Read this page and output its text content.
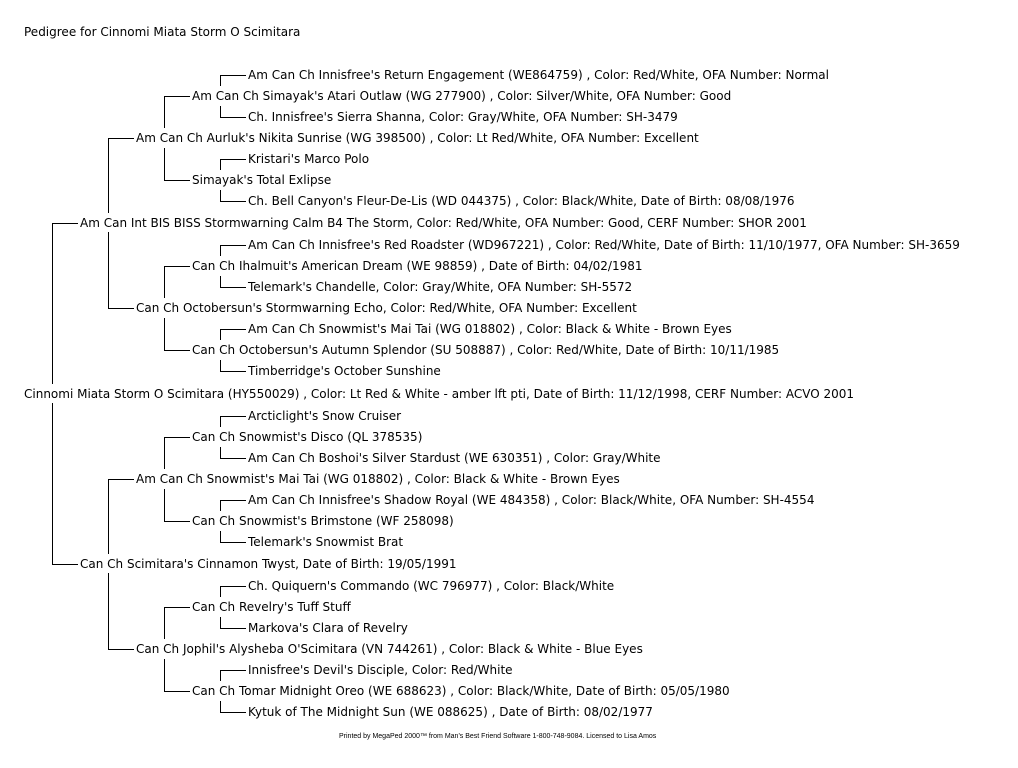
Pedigree for Cinnomi Miata Storm O Scimitara
Cinnomi Miata Storm O Scimitara (HY550029) , Color: Lt Red & White - amber lft pti, Date of Birth: 11/12/1998, CERF Number: ACVO 2001
Am Can Int BIS BISS Stormwarning Calm B4 The Storm, Color: Red/White, OFA Number: Good, CERF Number: SHOR 2001
Can Ch Scimitara's Cinnamon Twyst, Date of Birth: 19/05/1991
Am Can Ch Aurluk's Nikita Sunrise (WG 398500) , Color: Lt Red/White, OFA Number: Excellent
Can Ch Octobersun's Stormwarning Echo, Color: Red/White, OFA Number: Excellent
Am Can Ch Snowmist's Mai Tai (WG 018802) , Color: Black & White - Brown Eyes
Can Ch Jophil's Alysheba O'Scimitara (VN 744261) , Color: Black & White - Blue Eyes
Am Can Ch Simayak's Atari Outlaw (WG 277900) , Color: Silver/White, OFA Number: Good
Simayak's Total Exlipse
Can Ch Ihalmuit's American Dream (WE 98859) , Date of Birth: 04/02/1981
Can Ch Octobersun's Autumn Splendor (SU 508887) , Color: Red/White, Date of Birth: 10/11/1985
Can Ch Snowmist's Disco (QL 378535)
Can Ch Snowmist's Brimstone (WF 258098)
Can Ch Revelry's Tuff Stuff
Can Ch Tomar Midnight Oreo (WE 688623) , Color: Black/White, Date of Birth: 05/05/1980
Am Can Ch Innisfree's Return Engagement (WE864759) , Color: Red/White, OFA Number: Normal
Ch. Innisfree's Sierra Shanna, Color: Gray/White, OFA Number: SH-3479
Kristari's Marco Polo
Ch. Bell Canyon's Fleur-De-Lis (WD 044375) , Color: Black/White, Date of Birth: 08/08/1976
Am Can Ch Innisfree's Red Roadster (WD967221) , Color: Red/White, Date of Birth: 11/10/1977, OFA Number: SH-3659
Telemark's Chandelle, Color: Gray/White, OFA Number: SH-5572
Am Can Ch Snowmist's Mai Tai (WG 018802) , Color: Black & White - Brown Eyes
Timberridge's October Sunshine
Arcticlight's Snow Cruiser
Am Can Ch Boshoi's Silver Stardust (WE 630351) , Color: Gray/White
Am Can Ch Innisfree's Shadow Royal (WE 484358) , Color: Black/White, OFA Number: SH-4554
Telemark's Snowmist Brat
Ch. Quiquern's Commando (WC 796977) , Color: Black/White
Markova's Clara of Revelry
Innisfree's Devil's Disciple, Color: Red/White
Kytuk of The Midnight Sun (WE 088625) , Date of Birth: 08/02/1977
Printed by MegaPed 2000™ from Man's Best Friend Software 1-800-748-9084. Licensed to Lisa Amos
